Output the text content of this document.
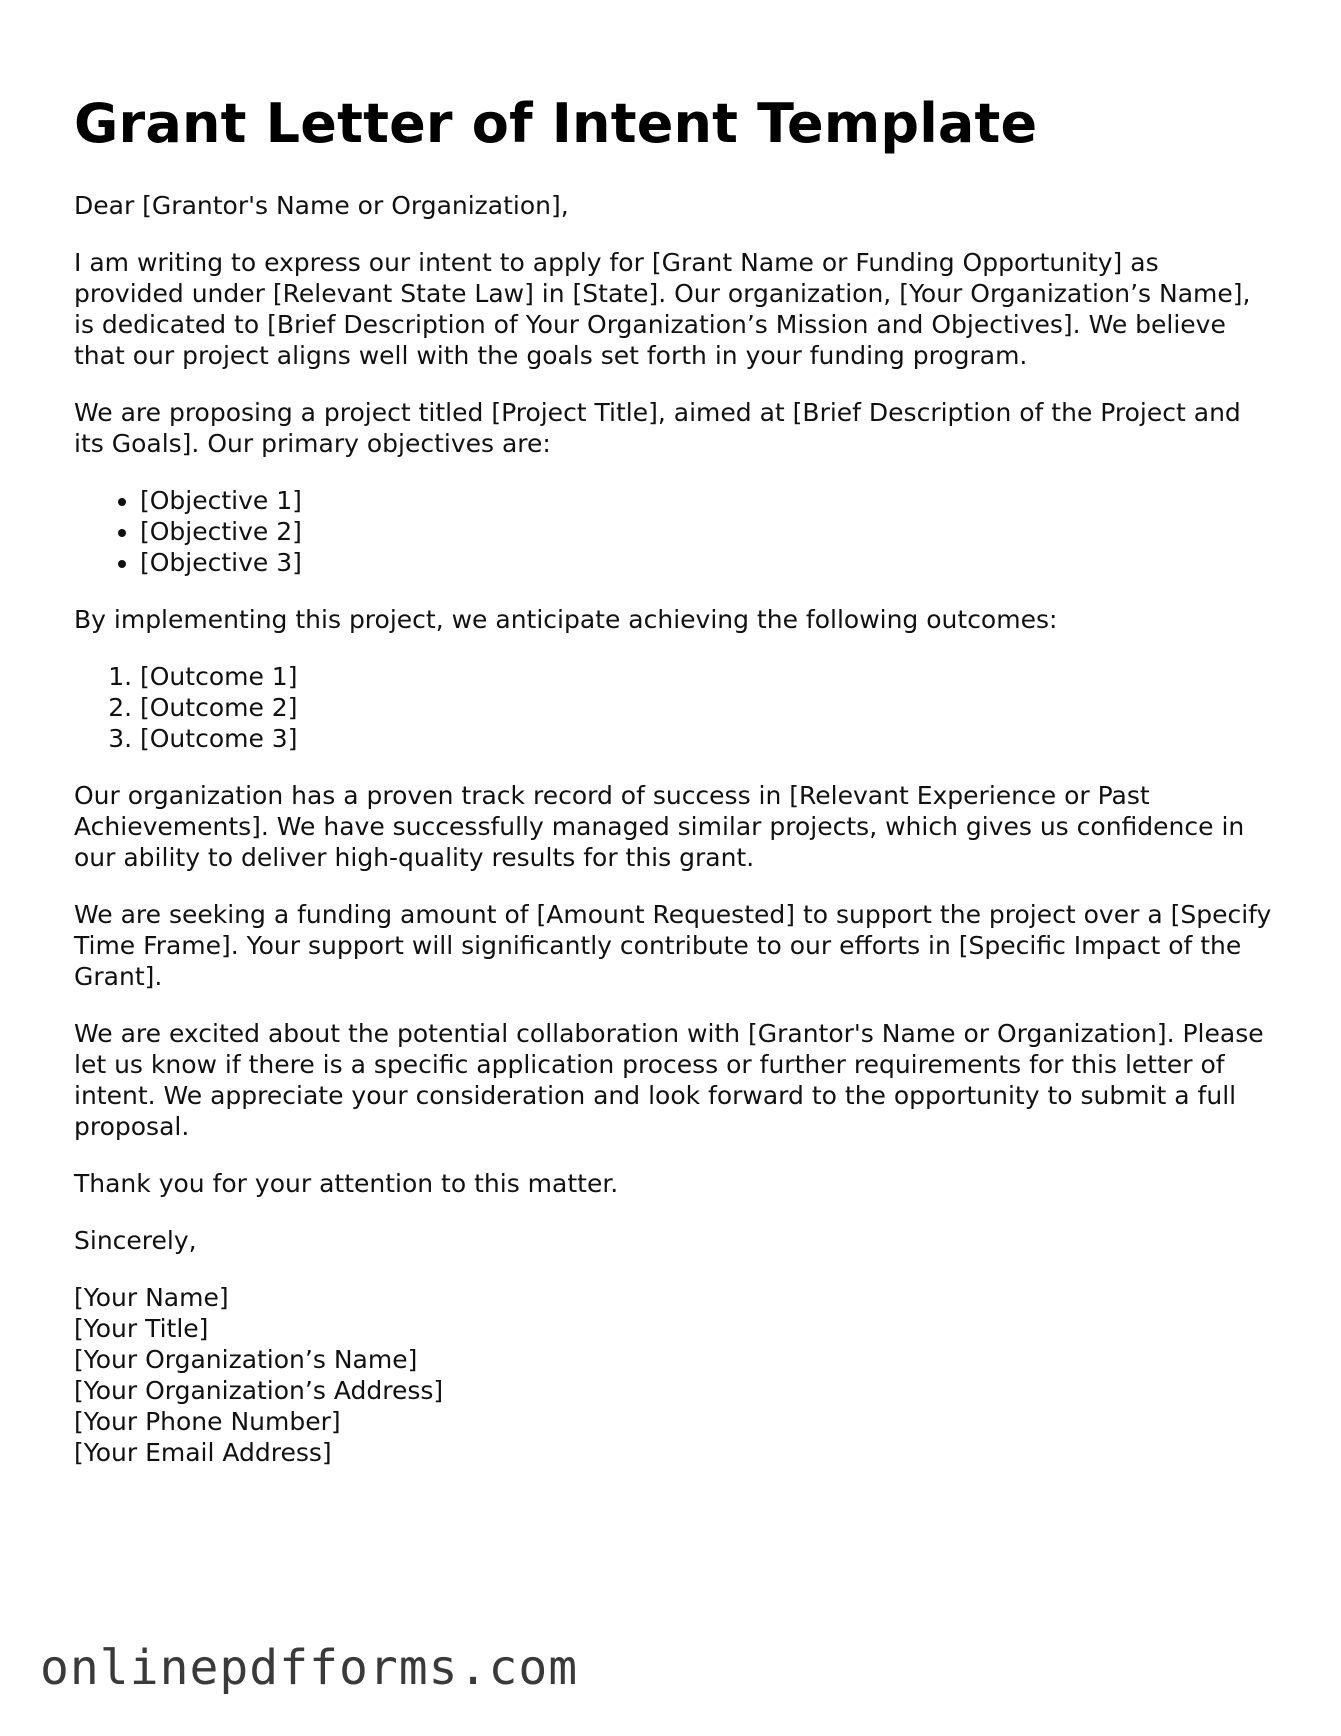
Grant Letter of Intent Template

Dear [Grantor's Name or Organization],

I am writing to express our intent to apply for [Grant Name or Funding Opportunity] as provided under [Relevant State Law] in [State]. Our organization, [Your Organization’s Name], is dedicated to [Brief Description of Your Organization’s Mission and Objectives]. We believe that our project aligns well with the goals set forth in your funding program.

We are proposing a project titled [Project Title], aimed at [Brief Description of the Project and its Goals]. Our primary objectives are:

• [Objective 1]
• [Objective 2]
• [Objective 3]

By implementing this project, we anticipate achieving the following outcomes:

1. [Outcome 1]
2. [Outcome 2]
3. [Outcome 3]

Our organization has a proven track record of success in [Relevant Experience or Past Achievements]. We have successfully managed similar projects, which gives us confidence in our ability to deliver high-quality results for this grant.

We are seeking a funding amount of [Amount Requested] to support the project over a [Specify Time Frame]. Your support will significantly contribute to our efforts in [Specific Impact of the Grant].

We are excited about the potential collaboration with [Grantor's Name or Organization]. Please let us know if there is a specific application process or further requirements for this letter of intent. We appreciate your consideration and look forward to the opportunity to submit a full proposal.

Thank you for your attention to this matter.

Sincerely,

[Your Name]
[Your Title]
[Your Organization’s Name]
[Your Organization’s Address]
[Your Phone Number]
[Your Email Address]

onlinepdfforms.com
